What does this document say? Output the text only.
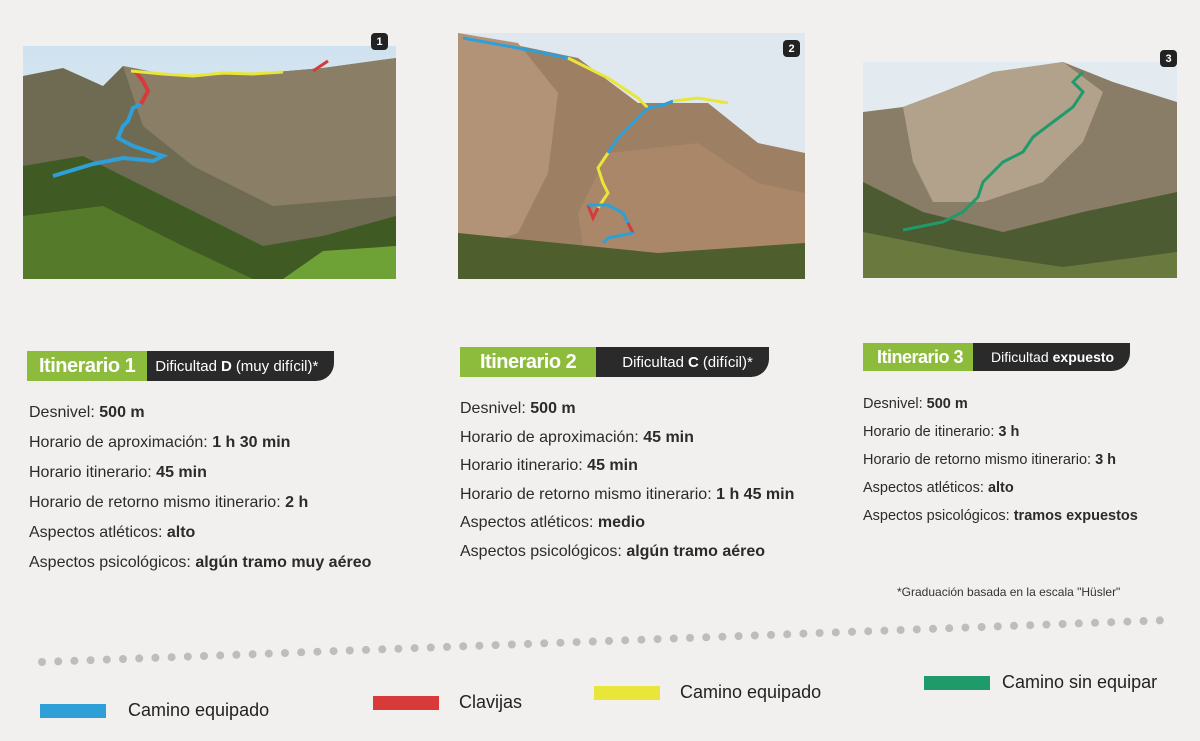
1
2
3
Itinerario 1	Dificultad D (muy difícil)*	Itinerario 2	Dificultad C (difícil)*	Itinerario 3	Dificultad expuesto
Desnivel: 500 m
Horario de aproximación: 1 h 30 min
Horario itinerario: 45 min
Horario de retorno mismo itinerario: 2 h
Aspectos atléticos: alto
Aspectos psicológicos: algún tramo muy aéreo
Desnivel: 500 m
Horario de aproximación: 45 min
Horario itinerario: 45 min
Horario de retorno mismo itinerario: 1 h 45 min
Aspectos atléticos: medio
Aspectos psicológicos: algún tramo aéreo
Desnivel: 500 m
Horario de itinerario: 3 h
Horario de retorno mismo itinerario: 3 h
Aspectos atléticos: alto
Aspectos psicológicos: tramos expuestos
*Graduación basada en la escala "Hüsler"
Camino equipado	Clavijas	Camino equipado	Camino sin equipar
